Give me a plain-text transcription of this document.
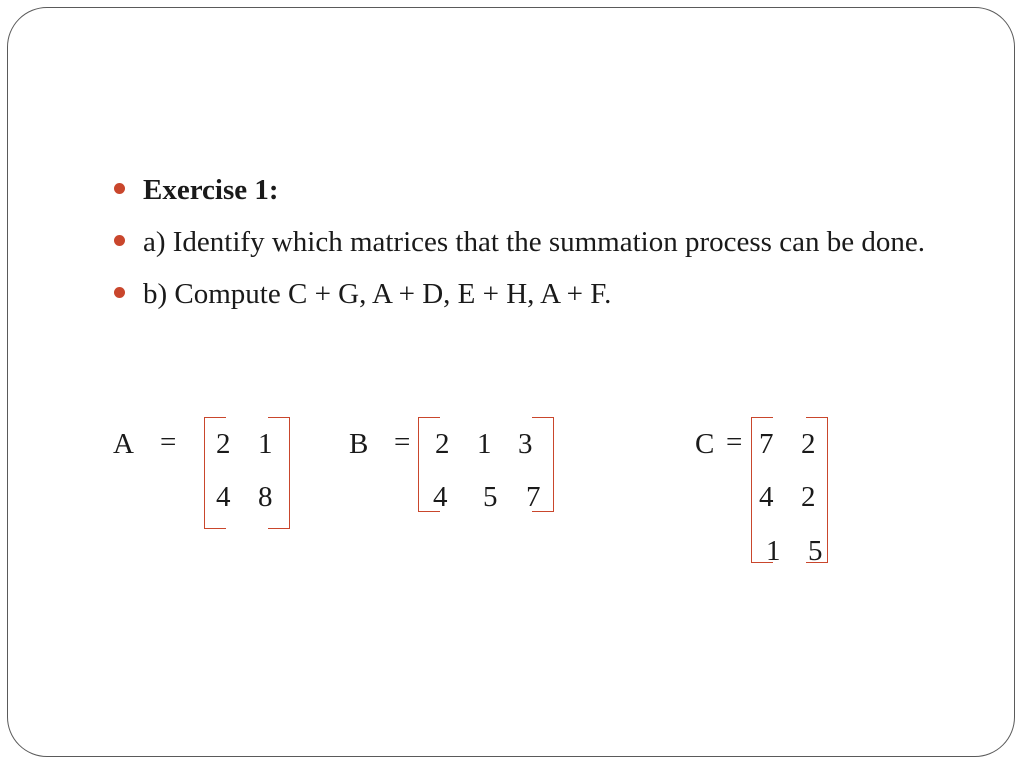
Exercise 1:
a) Identify which matrices that the summation process can be done.
b) Compute C + G, A + D, E + H, A + F.
A = 2 1
4 8
B = 2 1 3
4 5 7
C = 7 2
4 2
1 5
